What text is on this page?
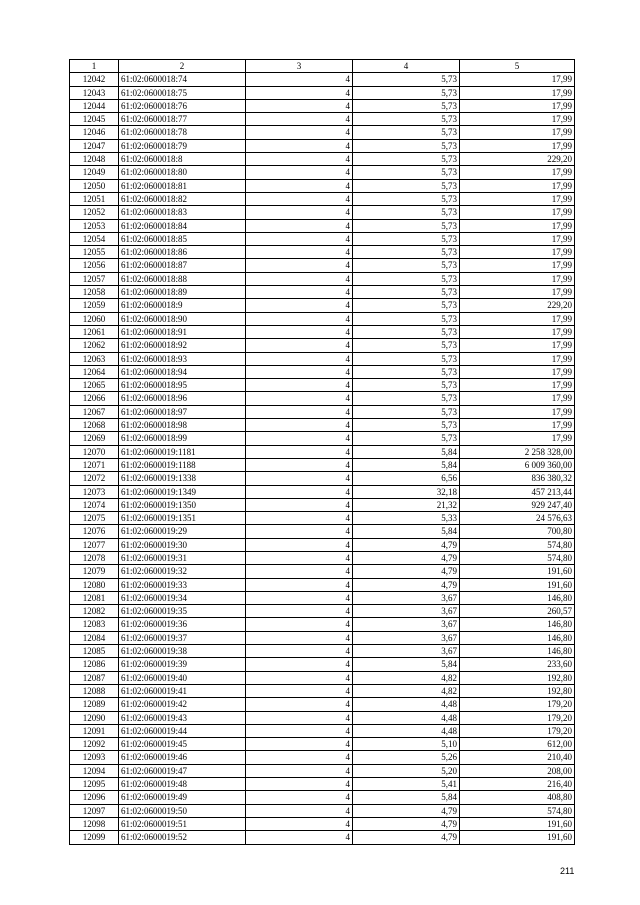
1	2	3	4	5
12042	61:02:0600018:74	4	5,73	17,99
12043	61:02:0600018:75	4	5,73	17,99
12044	61:02:0600018:76	4	5,73	17,99
12045	61:02:0600018:77	4	5,73	17,99
12046	61:02:0600018:78	4	5,73	17,99
12047	61:02:0600018:79	4	5,73	17,99
12048	61:02:0600018:8	4	5,73	229,20
12049	61:02:0600018:80	4	5,73	17,99
12050	61:02:0600018:81	4	5,73	17,99
12051	61:02:0600018:82	4	5,73	17,99
12052	61:02:0600018:83	4	5,73	17,99
12053	61:02:0600018:84	4	5,73	17,99
12054	61:02:0600018:85	4	5,73	17,99
12055	61:02:0600018:86	4	5,73	17,99
12056	61:02:0600018:87	4	5,73	17,99
12057	61:02:0600018:88	4	5,73	17,99
12058	61:02:0600018:89	4	5,73	17,99
12059	61:02:0600018:9	4	5,73	229,20
12060	61:02:0600018:90	4	5,73	17,99
12061	61:02:0600018:91	4	5,73	17,99
12062	61:02:0600018:92	4	5,73	17,99
12063	61:02:0600018:93	4	5,73	17,99
12064	61:02:0600018:94	4	5,73	17,99
12065	61:02:0600018:95	4	5,73	17,99
12066	61:02:0600018:96	4	5,73	17,99
12067	61:02:0600018:97	4	5,73	17,99
12068	61:02:0600018:98	4	5,73	17,99
12069	61:02:0600018:99	4	5,73	17,99
12070	61:02:0600019:1181	4	5,84	2 258 328,00
12071	61:02:0600019:1188	4	5,84	6 009 360,00
12072	61:02:0600019:1338	4	6,56	836 380,32
12073	61:02:0600019:1349	4	32,18	457 213,44
12074	61:02:0600019:1350	4	21,32	929 247,40
12075	61:02:0600019:1351	4	5,33	24 576,63
12076	61:02:0600019:29	4	5,84	700,80
12077	61:02:0600019:30	4	4,79	574,80
12078	61:02:0600019:31	4	4,79	574,80
12079	61:02:0600019:32	4	4,79	191,60
12080	61:02:0600019:33	4	4,79	191,60
12081	61:02:0600019:34	4	3,67	146,80
12082	61:02:0600019:35	4	3,67	260,57
12083	61:02:0600019:36	4	3,67	146,80
12084	61:02:0600019:37	4	3,67	146,80
12085	61:02:0600019:38	4	3,67	146,80
12086	61:02:0600019:39	4	5,84	233,60
12087	61:02:0600019:40	4	4,82	192,80
12088	61:02:0600019:41	4	4,82	192,80
12089	61:02:0600019:42	4	4,48	179,20
12090	61:02:0600019:43	4	4,48	179,20
12091	61:02:0600019:44	4	4,48	179,20
12092	61:02:0600019:45	4	5,10	612,00
12093	61:02:0600019:46	4	5,26	210,40
12094	61:02:0600019:47	4	5,20	208,00
12095	61:02:0600019:48	4	5,41	216,40
12096	61:02:0600019:49	4	5,84	408,80
12097	61:02:0600019:50	4	4,79	574,80
12098	61:02:0600019:51	4	4,79	191,60
12099	61:02:0600019:52	4	4,79	191,60
211
